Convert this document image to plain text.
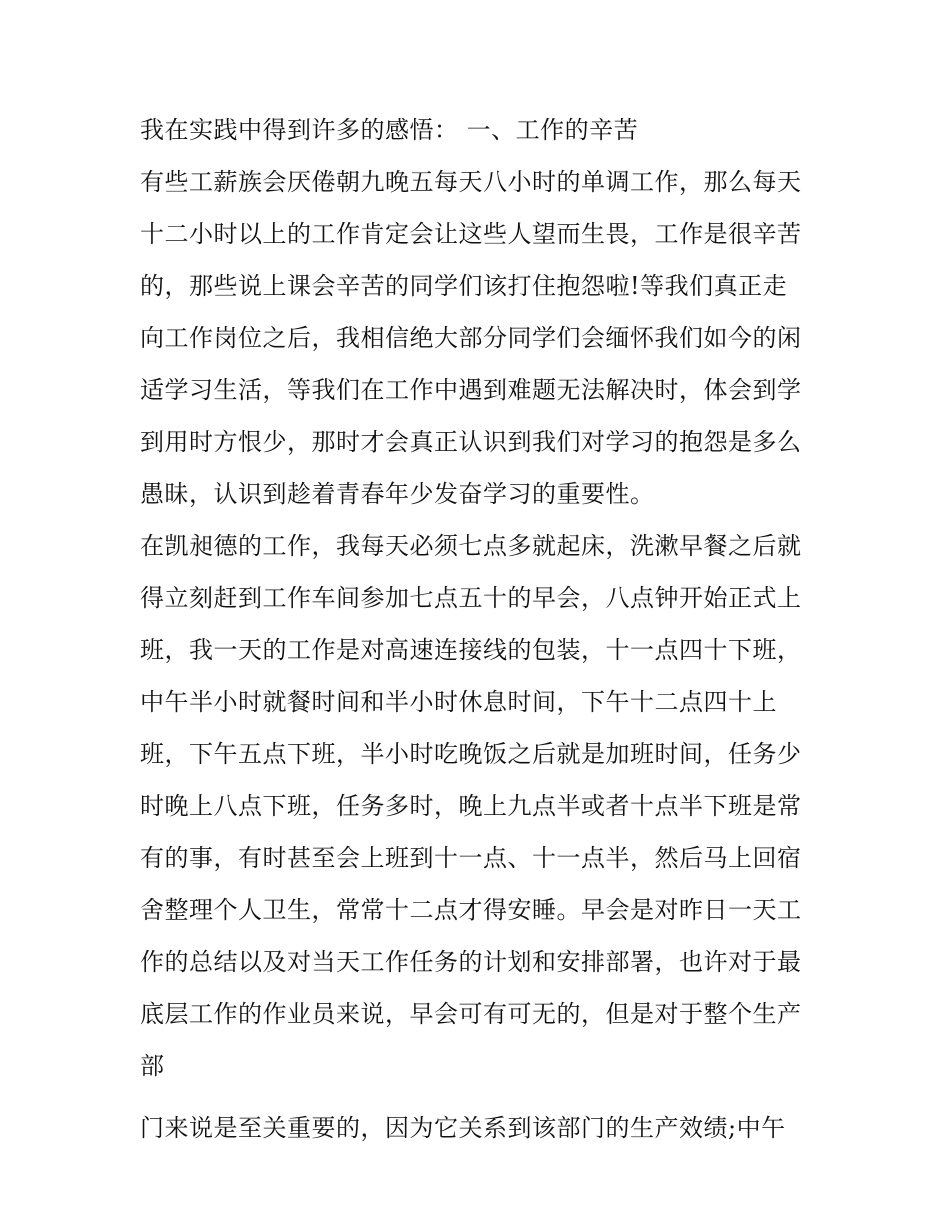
我在实践中得到许多的感悟： 一、工作的辛苦
有些工薪族会厌倦朝九晚五每天八小时的单调工作，那么每天
十二小时以上的工作肯定会让这些人望而生畏，工作是很辛苦
的，那些说上课会辛苦的同学们该打住抱怨啦!等我们真正走
向工作岗位之后，我相信绝大部分同学们会缅怀我们如今的闲
适学习生活，等我们在工作中遇到难题无法解决时，体会到学
到用时方恨少，那时才会真正认识到我们对学习的抱怨是多么
愚昧，认识到趁着青春年少发奋学习的重要性。
在凯昶德的工作，我每天必须七点多就起床，洗漱早餐之后就
得立刻赶到工作车间参加七点五十的早会，八点钟开始正式上
班，我一天的工作是对高速连接线的包装，十一点四十下班，
中午半小时就餐时间和半小时休息时间，下午十二点四十上
班，下午五点下班，半小时吃晚饭之后就是加班时间，任务少
时晚上八点下班，任务多时，晚上九点半或者十点半下班是常
有的事，有时甚至会上班到十一点、十一点半，然后马上回宿
舍整理个人卫生，常常十二点才得安睡。早会是对昨日一天工
作的总结以及对当天工作任务的计划和安排部署，也许对于最
底层工作的作业员来说，早会可有可无的，但是对于整个生产
部
门来说是至关重要的，因为它关系到该部门的生产效绩;中午
